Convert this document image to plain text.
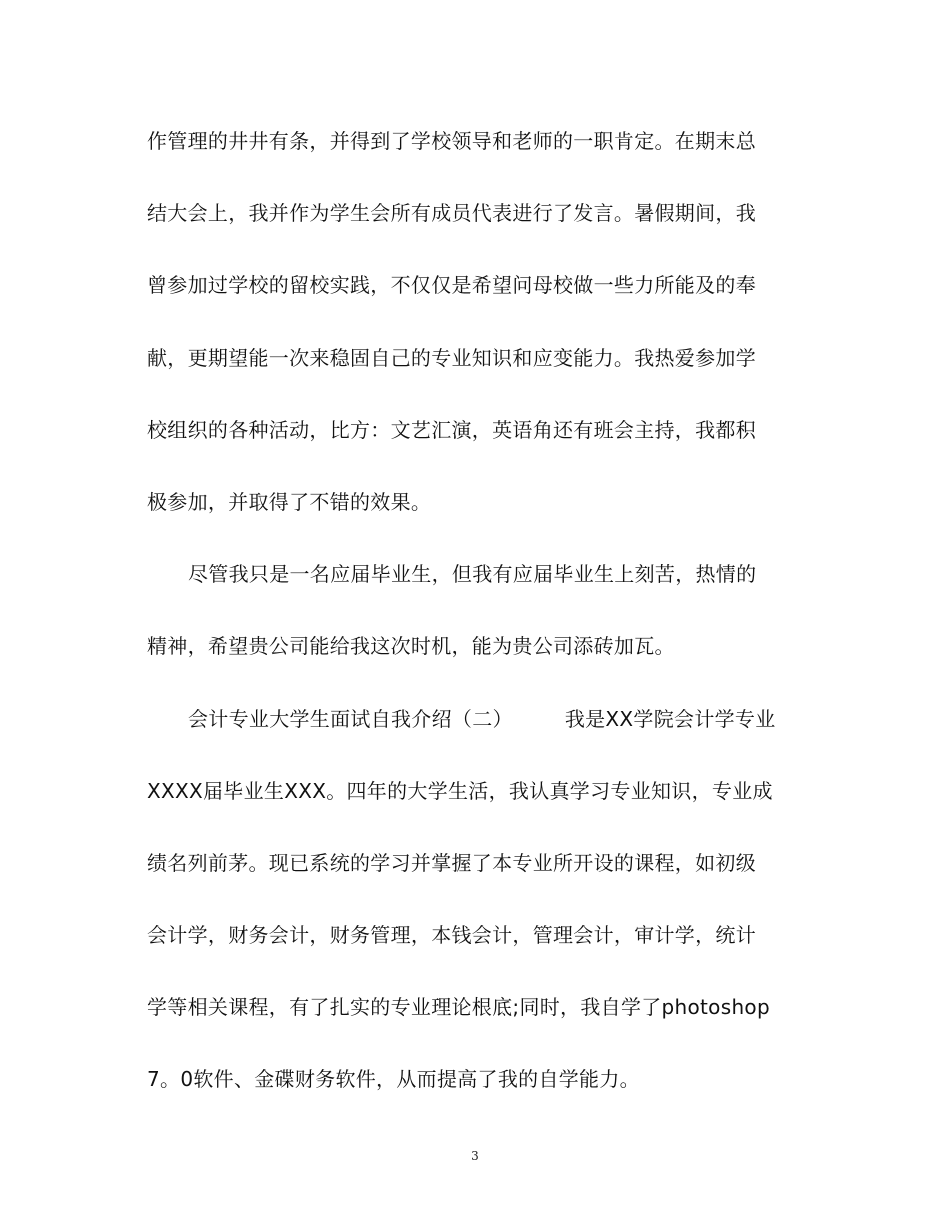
作管理的井井有条，并得到了学校领导和老师的一职肯定。在期末总
结大会上，我并作为学生会所有成员代表进行了发言。暑假期间，我
曾参加过学校的留校实践，不仅仅是希望问母校做一些力所能及的奉
献，更期望能一次来稳固自己的专业知识和应变能力。我热爱参加学
校组织的各种活动，比方：文艺汇演，英语角还有班会主持，我都积
极参加，并取得了不错的效果。
尽管我只是一名应届毕业生，但我有应届毕业生上刻苦，热情的
精神，希望贵公司能给我这次时机，能为贵公司添砖加瓦。
会计专业大学生面试自我介绍（二）	我是XX学院会计学专业
XXXX届毕业生XXX。四年的大学生活，我认真学习专业知识，专业成
绩名列前茅。现已系统的学习并掌握了本专业所开设的课程，如初级
会计学，财务会计，财务管理，本钱会计，管理会计，审计学，统计
学等相关课程，有了扎实的专业理论根底;同时，我自学了photoshop
7。0软件、金碟财务软件，从而提高了我的自学能力。
3
